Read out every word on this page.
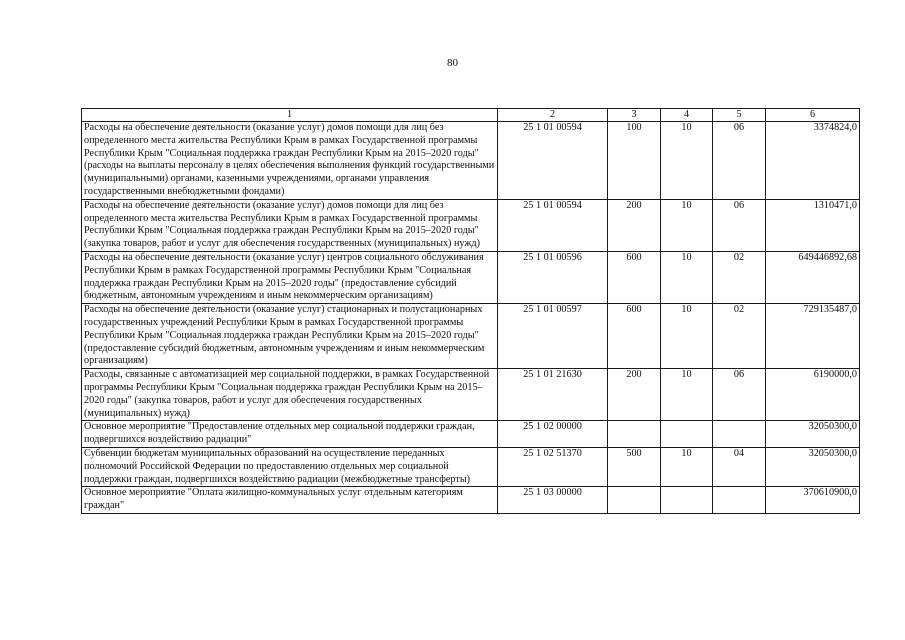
80
1	2	3	4	5	6
Расходы на обеспечение деятельности (оказание услуг) домов помощи для лиц без определенного места жительства Республики Крым в рамках Государственной программы Республики Крым "Социальная поддержка граждан Республики Крым на 2015–2020 годы" (расходы на выплаты персоналу в целях обеспечения выполнения функций государственными (муниципальными) органами, казенными учреждениями, органами управления государственными внебюджетными фондами)	25 1 01 00594	100	10	06	3374824,0
Расходы на обеспечение деятельности (оказание услуг) домов помощи для лиц без определенного места жительства Республики Крым в рамках Государственной программы Республики Крым "Социальная поддержка граждан Республики Крым на 2015–2020 годы" (закупка товаров, работ и услуг для обеспечения государственных (муниципальных) нужд)	25 1 01 00594	200	10	06	1310471,0
Расходы на обеспечение деятельности (оказание услуг) центров социального обслуживания Республики Крым в рамках Государственной программы Республики Крым "Социальная поддержка граждан Республики Крым на 2015–2020 годы" (предоставление субсидий бюджетным, автономным учреждениям и иным некоммерческим организациям)	25 1 01 00596	600	10	02	649446892,68
Расходы на обеспечение деятельности (оказание услуг) стационарных и полустационарных государственных учреждений Республики Крым в рамках Государственной программы Республики Крым "Социальная поддержка граждан Республики Крым на 2015–2020 годы" (предоставление субсидий бюджетным, автономным учреждениям и иным некоммерческим организациям)	25 1 01 00597	600	10	02	729135487,0
Расходы, связанные с автоматизацией мер социальной поддержки, в рамках Государственной программы Республики Крым "Социальная поддержка граждан Республики Крым на 2015–2020 годы" (закупка товаров, работ и услуг для обеспечения государственных (муниципальных) нужд)	25 1 01 21630	200	10	06	6190000,0
Основное мероприятие "Предоставление отдельных мер социальной поддержки граждан, подвергшихся воздействию радиации"	25 1 02 00000				32050300,0
Субвенции бюджетам муниципальных образований на осуществление переданных полномочий Российской Федерации по предоставлению отдельных мер социальной поддержки граждан, подвергшихся воздействию радиации (межбюджетные трансферты)	25 1 02 51370	500	10	04	32050300,0
Основное мероприятие "Оплата жилищно-коммунальных услуг отдельным категориям граждан"	25 1 03 00000				370610900,0
